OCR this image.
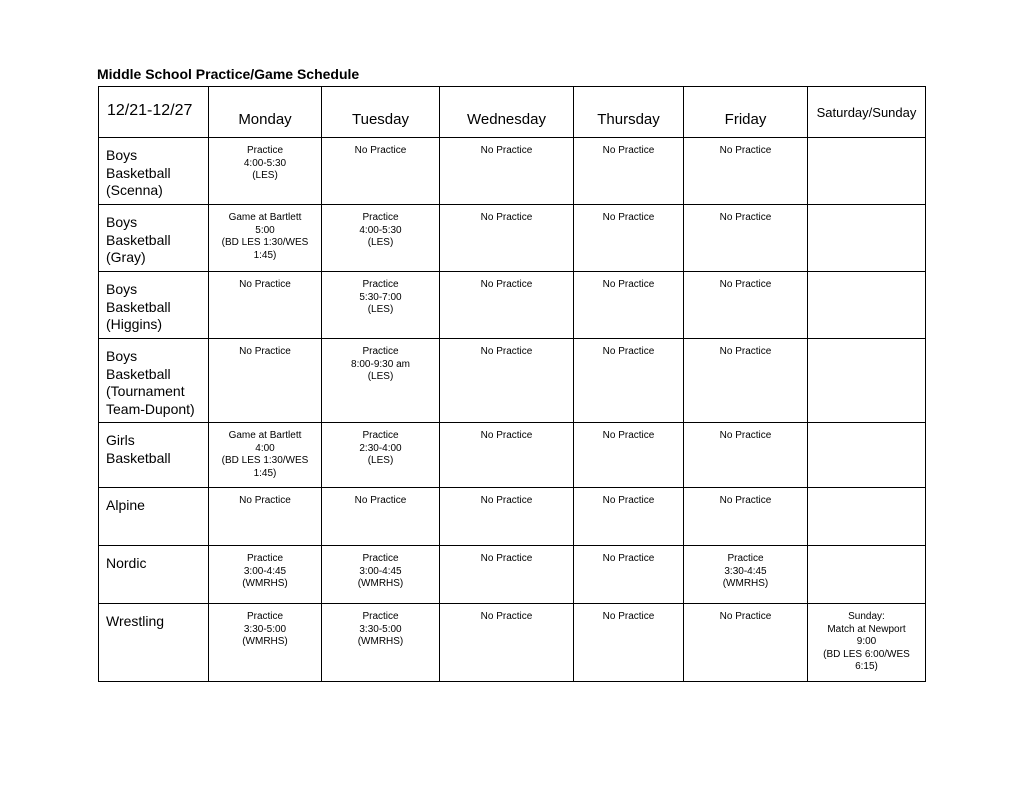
Middle School Practice/Game Schedule
12/21-12/27	Monday	Tuesday	Wednesday	Thursday	Friday	Saturday/Sunday
Boys
Basketball
(Scenna)	Practice
4:00-5:30
(LES)	No Practice	No Practice	No Practice	No Practice	
Boys
Basketball
(Gray)	Game at Bartlett
5:00
(BD LES 1:30/WES
1:45)	Practice
4:00-5:30
(LES)	No Practice	No Practice	No Practice	
Boys
Basketball
(Higgins)	No Practice	Practice
5:30-7:00
(LES)	No Practice	No Practice	No Practice	
Boys
Basketball
(Tournament
Team-Dupont)	No Practice	Practice
8:00-9:30 am
(LES)	No Practice	No Practice	No Practice	
Girls
Basketball	Game at Bartlett
4:00
(BD LES 1:30/WES
1:45)	Practice
2:30-4:00
(LES)	No Practice	No Practice	No Practice	
Alpine	No Practice	No Practice	No Practice	No Practice	No Practice	
Nordic	Practice
3:00-4:45
(WMRHS)	Practice
3:00-4:45
(WMRHS)	No Practice	No Practice	Practice
3:30-4:45
(WMRHS)	
Wrestling	Practice
3:30-5:00
(WMRHS)	Practice
3:30-5:00
(WMRHS)	No Practice	No Practice	No Practice	Sunday:
Match at Newport
9:00
(BD LES 6:00/WES
6:15)
